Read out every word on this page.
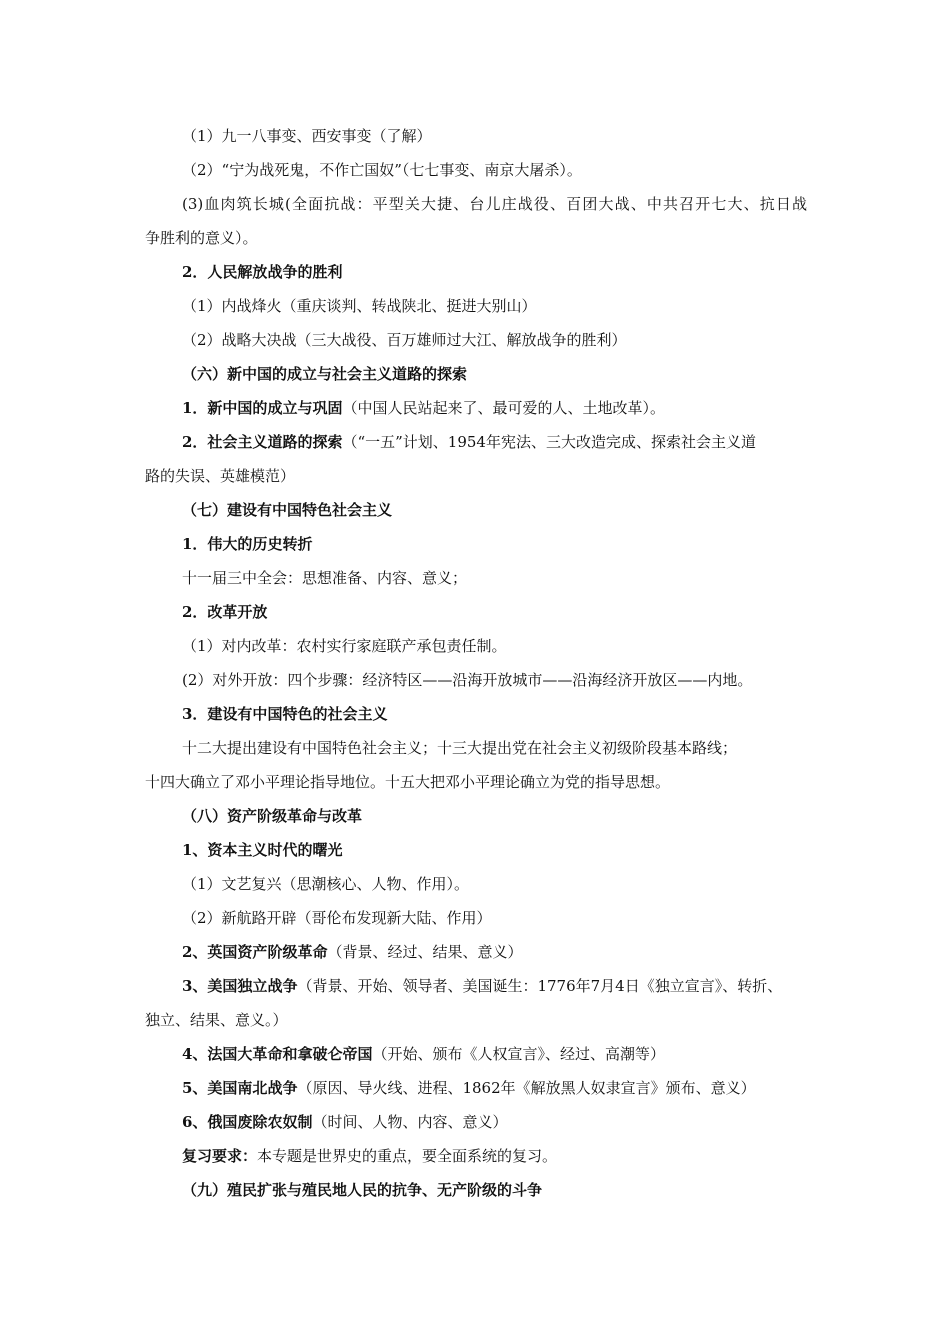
（1）九一八事变、西安事变（了解）
（2）“宁为战死鬼，不作亡国奴”（七七事变、南京大屠杀）。
(3)血肉筑长城(全面抗战：平型关大捷、台儿庄战役、百团大战、中共召开七大、抗日战
争胜利的意义）。
2．人民解放战争的胜利
（1）内战烽火（重庆谈判、转战陕北、挺进大别山）
（2）战略大决战（三大战役、百万雄师过大江、解放战争的胜利）
（六）新中国的成立与社会主义道路的探索
1．新中国的成立与巩固（中国人民站起来了、最可爱的人、土地改革）。
2．社会主义道路的探索（“一五”计划、1954年宪法、三大改造完成、探索社会主义道
路的失误、英雄模范）
（七）建设有中国特色社会主义
1．伟大的历史转折
十一届三中全会：思想准备、内容、意义；
2．改革开放
（1）对内改革：农村实行家庭联产承包责任制。
(2）对外开放：四个步骤：经济特区——沿海开放城市——沿海经济开放区——内地。
3．建设有中国特色的社会主义
十二大提出建设有中国特色社会主义；十三大提出党在社会主义初级阶段基本路线；
十四大确立了邓小平理论指导地位。十五大把邓小平理论确立为党的指导思想。
（八）资产阶级革命与改革
1、资本主义时代的曙光
（1）文艺复兴（思潮核心、人物、作用）。
（2）新航路开辟（哥伦布发现新大陆、作用）
2、英国资产阶级革命（背景、经过、结果、意义）
3、美国独立战争（背景、开始、领导者、美国诞生：1776年7月4日《独立宣言》、转折、
独立、结果、意义。）
4、法国大革命和拿破仑帝国（开始、颁布《人权宣言》、经过、高潮等）
5、美国南北战争（原因、导火线、进程、1862年《解放黑人奴隶宣言》颁布、意义）
6、俄国废除农奴制（时间、人物、内容、意义）
复习要求：本专题是世界史的重点，要全面系统的复习。
（九）殖民扩张与殖民地人民的抗争、无产阶级的斗争
